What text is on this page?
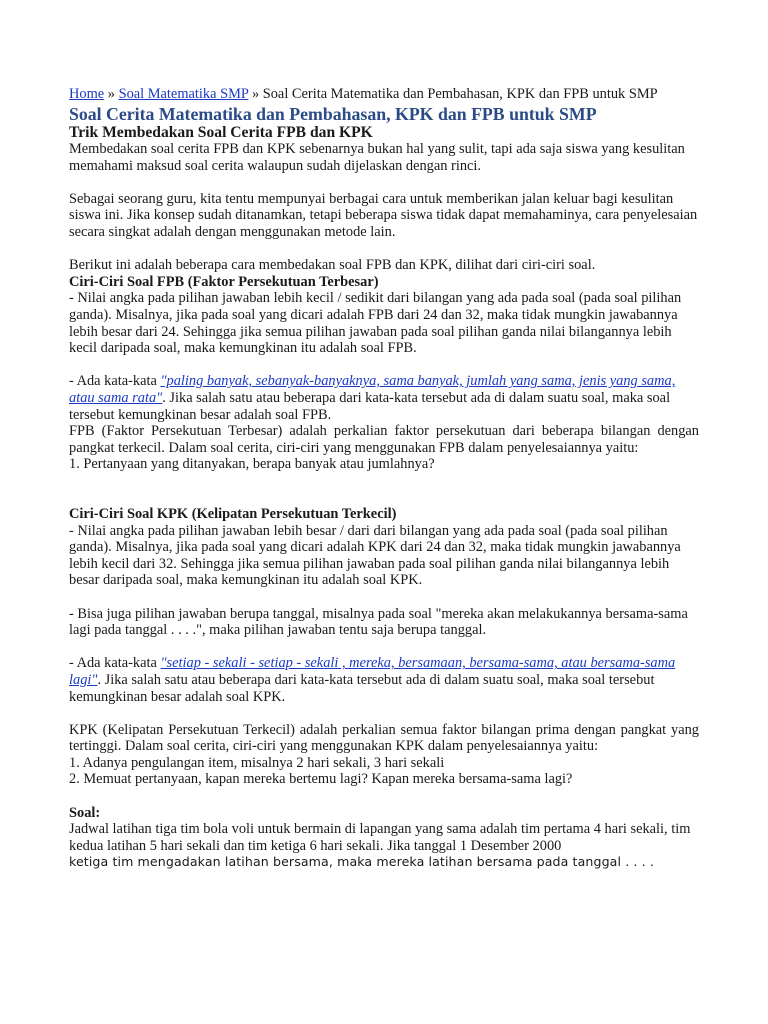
Home » Soal Matematika SMP » Soal Cerita Matematika dan Pembahasan, KPK dan FPB untuk SMP

Soal Cerita Matematika dan Pembahasan, KPK dan FPB untuk SMP
Trik Membedakan Soal Cerita FPB dan KPK

Membedakan soal cerita FPB dan KPK sebenarnya bukan hal yang sulit, tapi ada saja siswa yang kesulitan memahami maksud soal cerita walaupun sudah dijelaskan dengan rinci.

Sebagai seorang guru, kita tentu mempunyai berbagai cara untuk memberikan jalan keluar bagi kesulitan siswa ini. Jika konsep sudah ditanamkan, tetapi beberapa siswa tidak dapat memahaminya, cara penyelesaian secara singkat adalah dengan menggunakan metode lain.

Berikut ini adalah beberapa cara membedakan soal FPB dan KPK, dilihat dari ciri-ciri soal.

Ciri-Ciri Soal FPB (Faktor Persekutuan Terbesar)

- Nilai angka pada pilihan jawaban lebih kecil / sedikit dari bilangan yang ada pada soal (pada soal pilihan ganda). Misalnya, jika pada soal yang dicari adalah FPB dari 24 dan 32, maka tidak mungkin jawabannya lebih besar dari 24. Sehingga jika semua pilihan jawaban pada soal pilihan ganda nilai bilangannya lebih kecil daripada soal, maka kemungkinan itu adalah soal FPB.

- Ada kata-kata "paling banyak, sebanyak-banyaknya, sama banyak, jumlah yang sama, jenis yang sama, atau sama rata". Jika salah satu atau beberapa dari kata-kata tersebut ada di dalam suatu soal, maka soal tersebut kemungkinan besar adalah soal FPB.

FPB (Faktor Persekutuan Terbesar) adalah perkalian faktor persekutuan dari beberapa bilangan dengan pangkat terkecil. Dalam soal cerita, ciri-ciri yang menggunakan FPB dalam penyelesaiannya yaitu:

1. Pertanyaan yang ditanyakan, berapa banyak atau jumlahnya?

Ciri-Ciri Soal KPK (Kelipatan Persekutuan Terkecil)

- Nilai angka pada pilihan jawaban lebih besar / dari dari bilangan yang ada pada soal (pada soal pilihan ganda). Misalnya, jika pada soal yang dicari adalah KPK dari 24 dan 32, maka tidak mungkin jawabannya lebih kecil dari 32. Sehingga jika semua pilihan jawaban pada soal pilihan ganda nilai bilangannya lebih besar daripada soal, maka kemungkinan itu adalah soal KPK.

- Bisa juga pilihan jawaban berupa tanggal, misalnya pada soal "mereka akan melakukannya bersama-sama lagi pada tanggal . . . .", maka pilihan jawaban tentu saja berupa tanggal.

- Ada kata-kata "setiap - sekali - setiap - sekali , mereka, bersamaan, bersama-sama, atau bersama-sama lagi". Jika salah satu atau beberapa dari kata-kata tersebut ada di dalam suatu soal, maka soal tersebut kemungkinan besar adalah soal KPK.

KPK (Kelipatan Persekutuan Terkecil) adalah perkalian semua faktor bilangan prima dengan pangkat yang tertinggi. Dalam soal cerita, ciri-ciri yang menggunakan KPK dalam penyelesaiannya yaitu:

1. Adanya pengulangan item, misalnya 2 hari sekali, 3 hari sekali

2. Memuat pertanyaan, kapan mereka bertemu lagi? Kapan mereka bersama-sama lagi?

Soal:

Jadwal latihan tiga tim bola voli untuk bermain di lapangan yang sama adalah tim pertama 4 hari sekali, tim kedua latihan 5 hari sekali dan tim ketiga 6 hari sekali. Jika tanggal 1 Desember 2000

ketiga tim mengadakan latihan bersama, maka mereka latihan bersama pada tanggal . . . .
